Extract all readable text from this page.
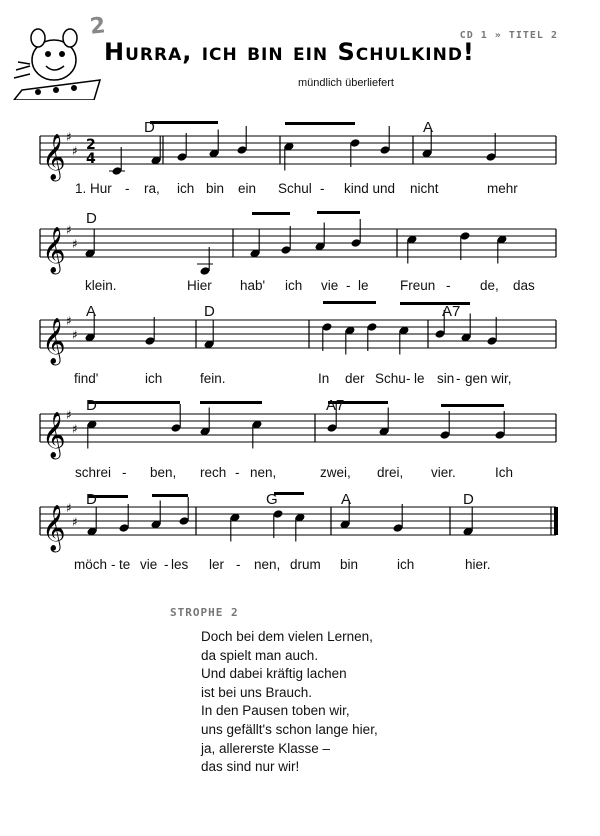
2	CD 1 » TITEL 2
Hurra, ich bin ein Schulkind!
mündlich überliefert
𝄞 ♯
♯ 2
4
𝄞 ♯
♯
𝄞 ♯
♯
𝄞 ♯
♯
𝄞 ♯
♯
D	A
D
A	D	A7
D	A7
D	G	A	D
1. Hur - ra, ich bin ein Schul - kind und nicht	mehr
klein.	Hier hab' ich vie - le Freun - de, das
find'	ich	fein.	In der Schu - le sin - gen wir,
schrei - ben, rech - nen,	zwei, drei, vier.	Ich
möch - te vie - les ler - nen, drum bin	ich	hier.
STROPHE 2
Doch bei dem vielen Lernen,
da spielt man auch.
Und dabei kräftig lachen
ist bei uns Brauch.
In den Pausen toben wir,
uns gefällt's schon lange hier,
ja, allererste Klasse –
das sind nur wir!
